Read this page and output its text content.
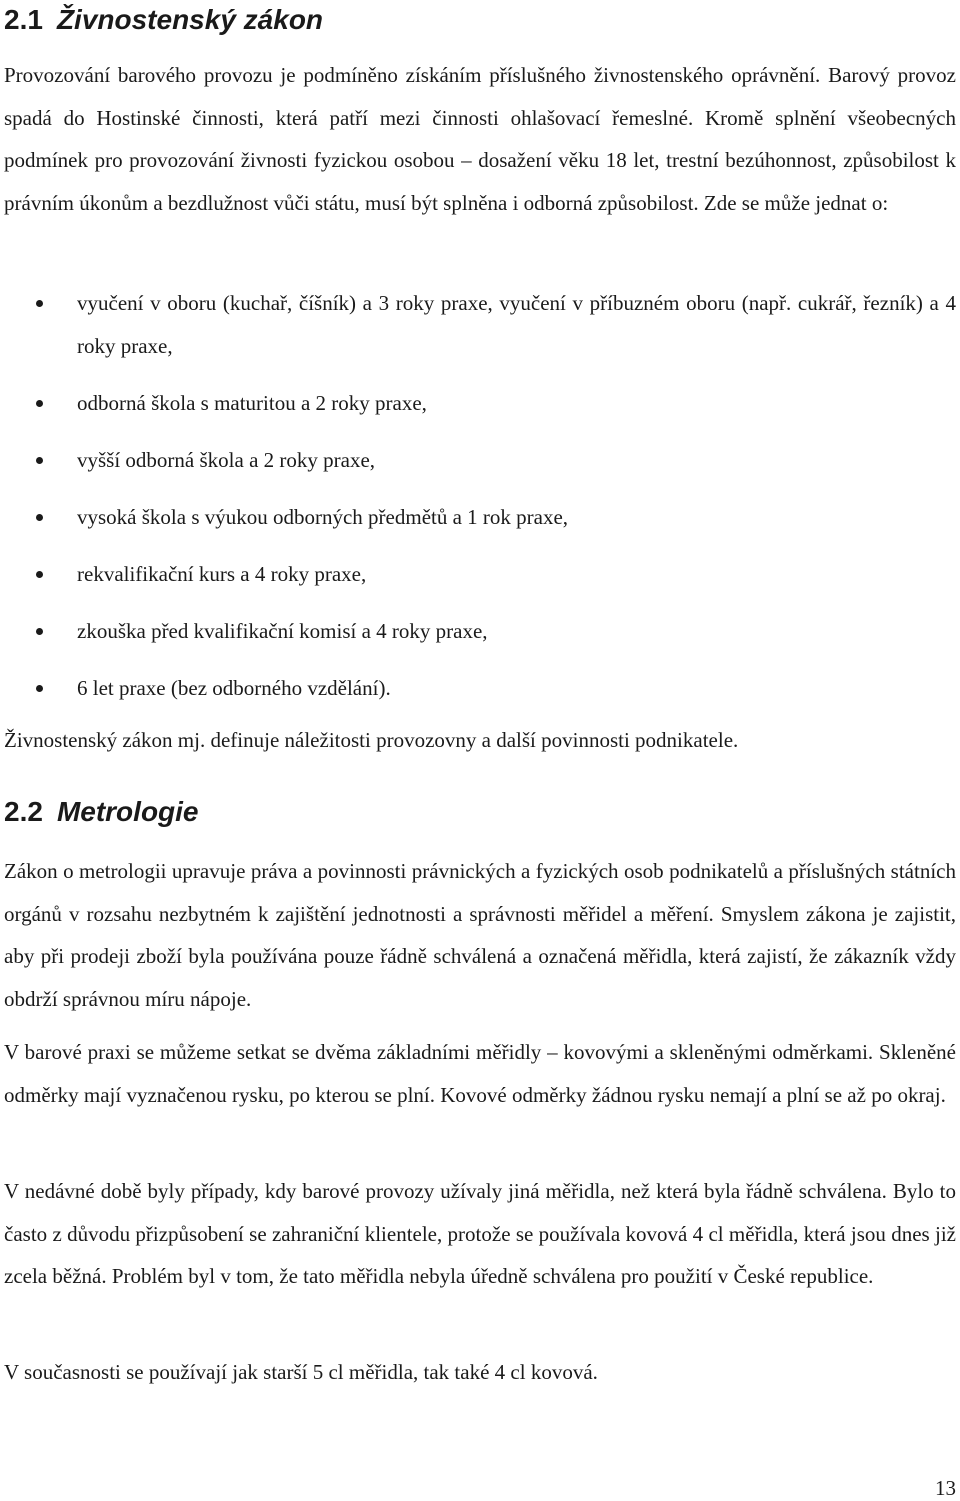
2.1 Živnostenský zákon

Provozování barového provozu je podmíněno získáním příslušného živnostenského oprávnění. Barový provoz spadá do Hostinské činnosti, která patří mezi činnosti ohlašovací řemeslné. Kromě splnění všeobecných podmínek pro provozování živnosti fyzickou osobou – dosažení věku 18 let, trestní bezúhonnost, způsobilost k právním úkonům a bezdlužnost vůči státu, musí být splněna i odborná způsobilost. Zde se může jednat o:

vyučení v oboru (kuchař, číšník) a 3 roky praxe, vyučení v příbuzném oboru (např. cukrář, řezník) a 4 roky praxe,
odborná škola s maturitou a 2 roky praxe,
vyšší odborná škola a 2 roky praxe,
vysoká škola s výukou odborných předmětů a 1 rok praxe,
rekvalifikační kurs a 4 roky praxe,
zkouška před kvalifikační komisí a 4 roky praxe,
6 let praxe (bez odborného vzdělání).

Živnostenský zákon mj. definuje náležitosti provozovny a další povinnosti podnikatele.

2.2 Metrologie

Zákon o metrologii upravuje práva a povinnosti právnických a fyzických osob podnikatelů a příslušných státních orgánů v rozsahu nezbytném k zajištění jednotnosti a správnosti měřidel a měření. Smyslem zákona je zajistit, aby při prodeji zboží byla používána pouze řádně schválená a označená měřidla, která zajistí, že zákazník vždy obdrží správnou míru nápoje.

V barové praxi se můžeme setkat se dvěma základními měřidly – kovovými a skleněnými odměrkami. Skleněné odměrky mají vyznačenou rysku, po kterou se plní. Kovové odměrky žádnou rysku nemají a plní se až po okraj.

V nedávné době byly případy, kdy barové provozy užívaly jiná měřidla, než která byla řádně schválena. Bylo to často z důvodu přizpůsobení se zahraniční klientele, protože se používala kovová 4 cl měřidla, která jsou dnes již zcela běžná. Problém byl v tom, že tato měřidla nebyla úředně schválena pro použití v České republice.

V současnosti se používají jak starší 5 cl měřidla, tak také 4 cl kovová.

13
